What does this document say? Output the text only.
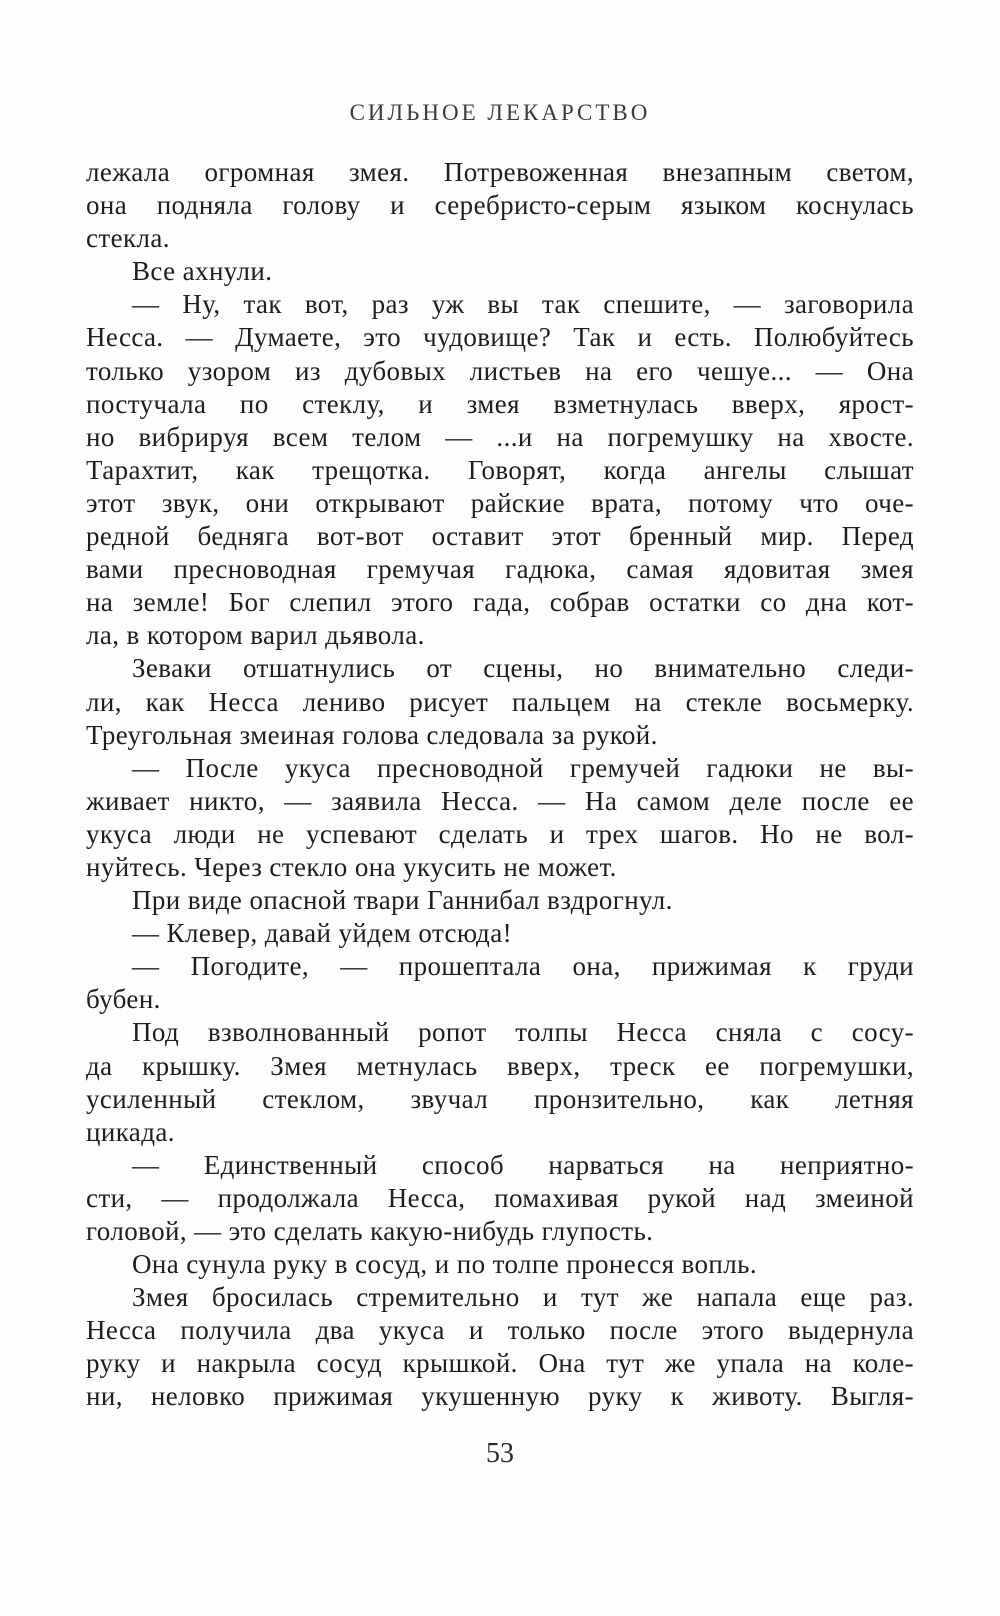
СИЛЬНОЕ ЛЕКАРСТВО
лежала огромная змея. Потревоженная внезапным светом,
она подняла голову и серебристо-серым языком коснулась
стекла.
Все ахнули.
— Ну, так вот, раз уж вы так спешите, — заговорила
Несса. — Думаете, это чудовище? Так и есть. Полюбуйтесь
только узором из дубовых листьев на его чешуе... — Она
постучала по стеклу, и змея взметнулась вверх, ярост-
но вибрируя всем телом — ...и на погремушку на хвосте.
Тарахтит, как трещотка. Говорят, когда ангелы слышат
этот звук, они открывают райские врата, потому что оче-
редной бедняга вот-вот оставит этот бренный мир. Перед
вами пресноводная гремучая гадюка, самая ядовитая змея
на земле! Бог слепил этого гада, собрав остатки со дна кот-
ла, в котором варил дьявола.
Зеваки отшатнулись от сцены, но внимательно следи-
ли, как Несса лениво рисует пальцем на стекле восьмерку.
Треугольная змеиная голова следовала за рукой.
— После укуса пресноводной гремучей гадюки не вы-
живает никто, — заявила Несса. — На самом деле после ее
укуса люди не успевают сделать и трех шагов. Но не вол-
нуйтесь. Через стекло она укусить не может.
При виде опасной твари Ганнибал вздрогнул.
— Клевер, давай уйдем отсюда!
— Погодите, — прошептала она, прижимая к груди
бубен.
Под взволнованный ропот толпы Несса сняла с сосу-
да крышку. Змея метнулась вверх, треск ее погремушки,
усиленный стеклом, звучал пронзительно, как летняя
цикада.
— Единственный способ нарваться на неприятно-
сти, — продолжала Несса, помахивая рукой над змеиной
головой, — это сделать какую-нибудь глупость.
Она сунула руку в сосуд, и по толпе пронесся вопль.
Змея бросилась стремительно и тут же напала еще раз.
Несса получила два укуса и только после этого выдернула
руку и накрыла сосуд крышкой. Она тут же упала на коле-
ни, неловко прижимая укушенную руку к животу. Выгля-
53
